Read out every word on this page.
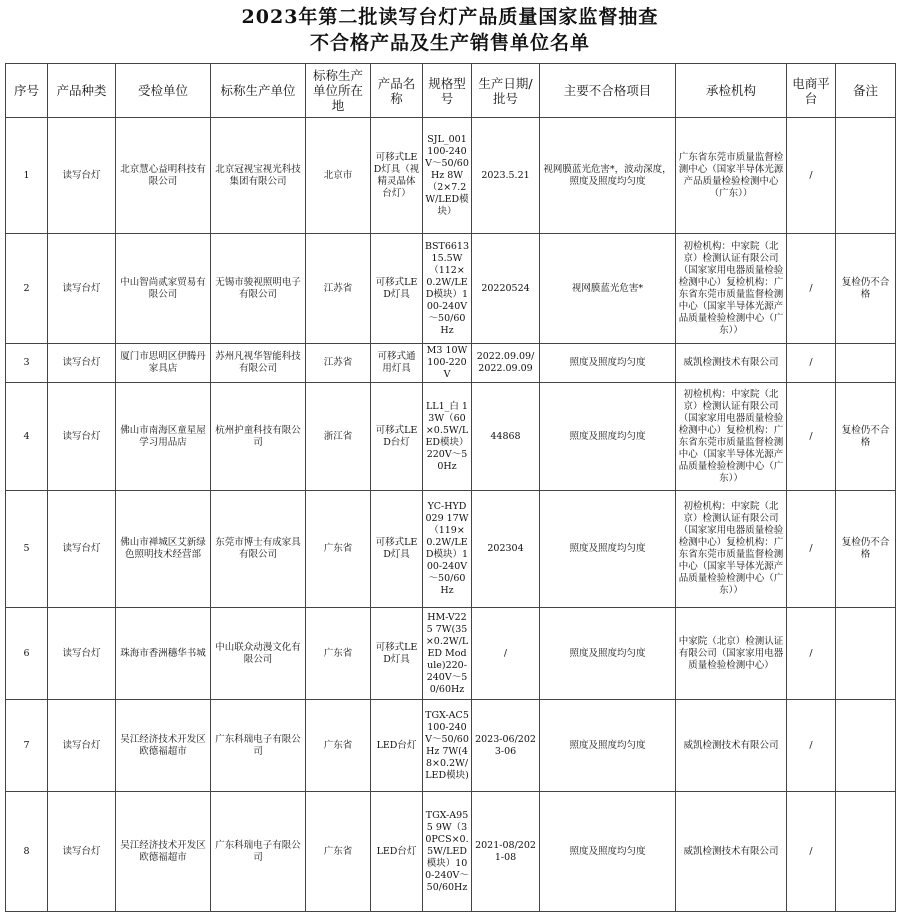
2023年第二批读写台灯产品质量国家监督抽查
不合格产品及生产销售单位名单
序号	产品种类	受检单位	标称生产单位	标称生产单位所在地	产品名称	规格型号	生产日期/批号	主要不合格项目	承检机构	电商平台	备注
1	读写台灯	北京慧心益明科技有限公司	北京冠视宝视光科技集团有限公司	北京市	可移式LED灯具（视精灵晶体台灯）	SJL_001 100-240V～50/60Hz 8W（2×7.2W/LED模块）	2023.5.21	视网膜蓝光危害*，波动深度，照度及照度均匀度	广东省东莞市质量监督检测中心（国家半导体光源产品质量检验检测中心（广东））	/	
2	读写台灯	中山智尚贰家贸易有限公司	无锡市骏视照明电子有限公司	江苏省	可移式LED灯具	BST6613 15.5W（112×0.2W/LED模块）100-240V～50/60Hz	20220524	视网膜蓝光危害*	初检机构：中家院（北京）检测认证有限公司（国家家用电器质量检验检测中心）复检机构：广东省东莞市质量监督检测中心（国家半导体光源产品质量检验检测中心（广东））	/	复检仍不合格
3	读写台灯	厦门市思明区伊腾丹家具店	苏州凡视华智能科技有限公司	江苏省	可移式通用灯具	M3 10W 100-220V	2022.09.09/2022.09.09	照度及照度均匀度	威凯检测技术有限公司	/	
4	读写台灯	佛山市南海区童星屋学习用品店	杭州护童科技有限公司	浙江省	可移式LED台灯	LL1_白 13W（60×0.5W/LED模块）220V～50Hz	44868	照度及照度均匀度	初检机构：中家院（北京）检测认证有限公司（国家家用电器质量检验检测中心）复检机构：广东省东莞市质量监督检测中心（国家半导体光源产品质量检验检测中心（广东））	/	复检仍不合格
5	读写台灯	佛山市禅城区艾新绿色照明技术经营部	东莞市博士有成家具有限公司	广东省	可移式LED灯具	YC-HYD029 17W（119×0.2W/LED模块）100-240V～50/60Hz	202304	照度及照度均匀度	初检机构：中家院（北京）检测认证有限公司（国家家用电器质量检验检测中心）复检机构：广东省东莞市质量监督检测中心（国家半导体光源产品质量检验检测中心（广东））	/	复检仍不合格
6	读写台灯	珠海市香洲穗华书城	中山联众动漫文化有限公司	广东省	可移式LED灯具	HM-V225 7W(35×0.2W/LED Module)220-240V～50/60Hz	/	照度及照度均匀度	中家院（北京）检测认证有限公司（国家家用电器质量检验检测中心）	/	
7	读写台灯	吴江经济技术开发区欧德福超市	广东科瑞电子有限公司	广东省	LED台灯	TGX-AC5 100-240V～50/60Hz 7W(48×0.2W/LED模块)	2023-06/2023-06	照度及照度均匀度	威凯检测技术有限公司	/	
8	读写台灯	吴江经济技术开发区欧德福超市	广东科瑞电子有限公司	广东省	LED台灯	TGX-A955 9W（30PCS×0.5W/LED模块）100-240V～50/60Hz	2021-08/2021-08	照度及照度均匀度	威凯检测技术有限公司	/	
